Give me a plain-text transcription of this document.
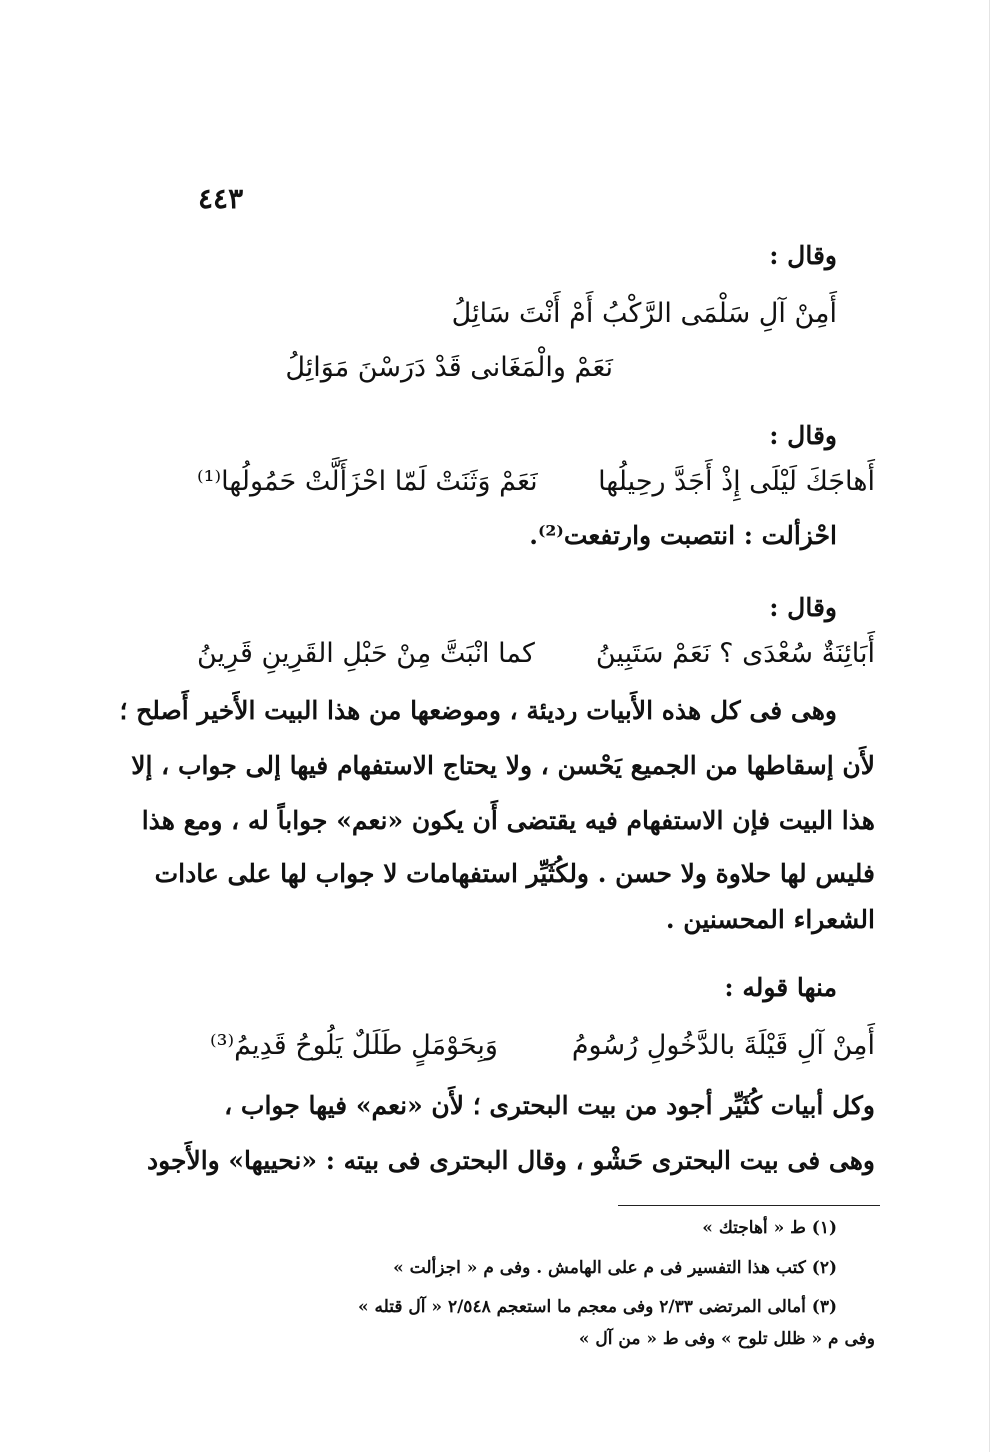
٤٤٣
وقال :
أَمِنْ آلِ سَلْمَى الرَّكْبُ أَمْ أَنْتَ سَائِلُ
نَعَمْ والْمَغَانى قَدْ دَرَسْنَ مَوَائِلُ
وقال :
أَهاجَكَ لَيْلَى إِذْ أَجَدَّ رحِيلُها
نَعَمْ وَثَنَتْ لَمّا احْزَأَلَّتْ حَمُولُها⁽¹⁾
احْزألت : انتصبت وارتفعت⁽²⁾.
وقال :
أَبَائِنَةٌ سُعْدَى ؟ نَعَمْ سَتَبِينُ
كما انْبَتَّ مِنْ حَبْلِ القَرِينِ قَرِينُ
وهى فى كل هذه الأَبيات رديئة ، وموضعها من هذا البيت الأَخير أَصلح ؛
لأَن إسقاطها من الجميع يَحْسن ، ولا يحتاج الاستفهام فيها إلى جواب ، إلا
هذا البيت فإن الاستفهام فيه يقتضى أَن يكون «نعم» جواباً له ، ومع هذا
فليس لها حلاوة ولا حسن . ولكُثَيِّر استفهامات لا جواب لها على عادات
الشعراء المحسنين .
منها قوله :
أَمِنْ آلِ قَيْلَةَ بالدَّخُولِ رُسُومُ
وَبِحَوْمَلٍ طَلَلٌ يَلُوحُ قَدِيمُ⁽³⁾
وكل أبيات كُثَيِّر أجود من بيت البحترى ؛ لأَن «نعم» فيها جواب ،
وهى فى بيت البحترى حَشْو ، وقال البحترى فى بيته : «نحييها» والأَجود
(١) ط « أهاجتك »
(٢) كتب هذا التفسير فى م على الهامش . وفى م « اجزألت »
(٣) أمالى المرتضى ٢/٣٣ وفى معجم ما استعجم ٢/٥٤٨ « آل قتله »
وفى م « ظلل تلوح » وفى ط « من آل »
